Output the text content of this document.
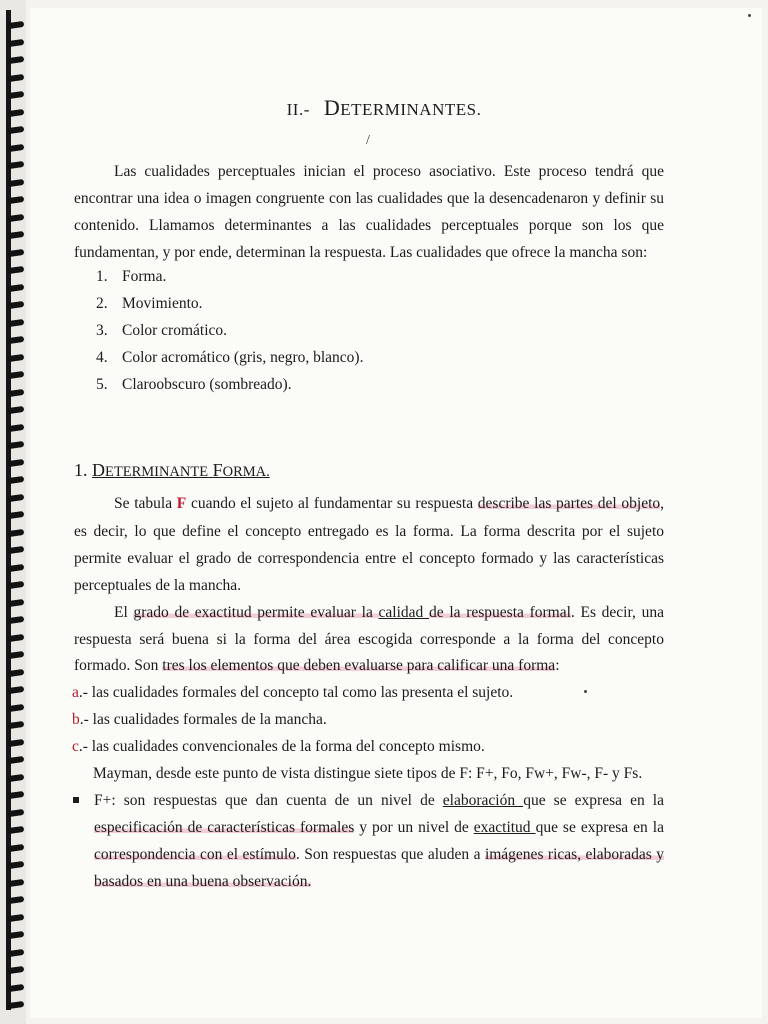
II.- DETERMINANTES.
/
Las cualidades perceptuales inician el proceso asociativo. Este proceso tendrá que
encontrar una idea o imagen congruente con las cualidades que la desencadenaron y definir su
contenido. Llamamos determinantes a las cualidades perceptuales porque son los que
fundamentan, y por ende, determinan la respuesta. Las cualidades que ofrece la mancha son:
1. Forma.
2. Movimiento.
3. Color cromático.
4. Color acromático (gris, negro, blanco).
5. Claroobscuro (sombreado).
1. DETERMINANTE FORMA.
Se tabula F cuando el sujeto al fundamentar su respuesta describe las partes del objeto,
es decir, lo que define el concepto entregado es la forma. La forma descrita por el sujeto
permite evaluar el grado de correspondencia entre el concepto formado y las características
perceptuales de la mancha.
El grado de exactitud permite evaluar la calidad de la respuesta formal. Es decir, una
respuesta será buena si la forma del área escogida corresponde a la forma del concepto
formado. Son tres los elementos que deben evaluarse para calificar una forma:
a.- las cualidades formales del concepto tal como las presenta el sujeto.
b.- las cualidades formales de la mancha.
c.- las cualidades convencionales de la forma del concepto mismo.
Mayman, desde este punto de vista distingue siete tipos de F: F+, Fo, Fw+, Fw-, F- y Fs.
F+: son respuestas que dan cuenta de un nivel de elaboración que se expresa en la
especificación de características formales y por un nivel de exactitud que se expresa en la
correspondencia con el estímulo. Son respuestas que aluden a imágenes ricas, elaboradas y
basados en una buena observación.
